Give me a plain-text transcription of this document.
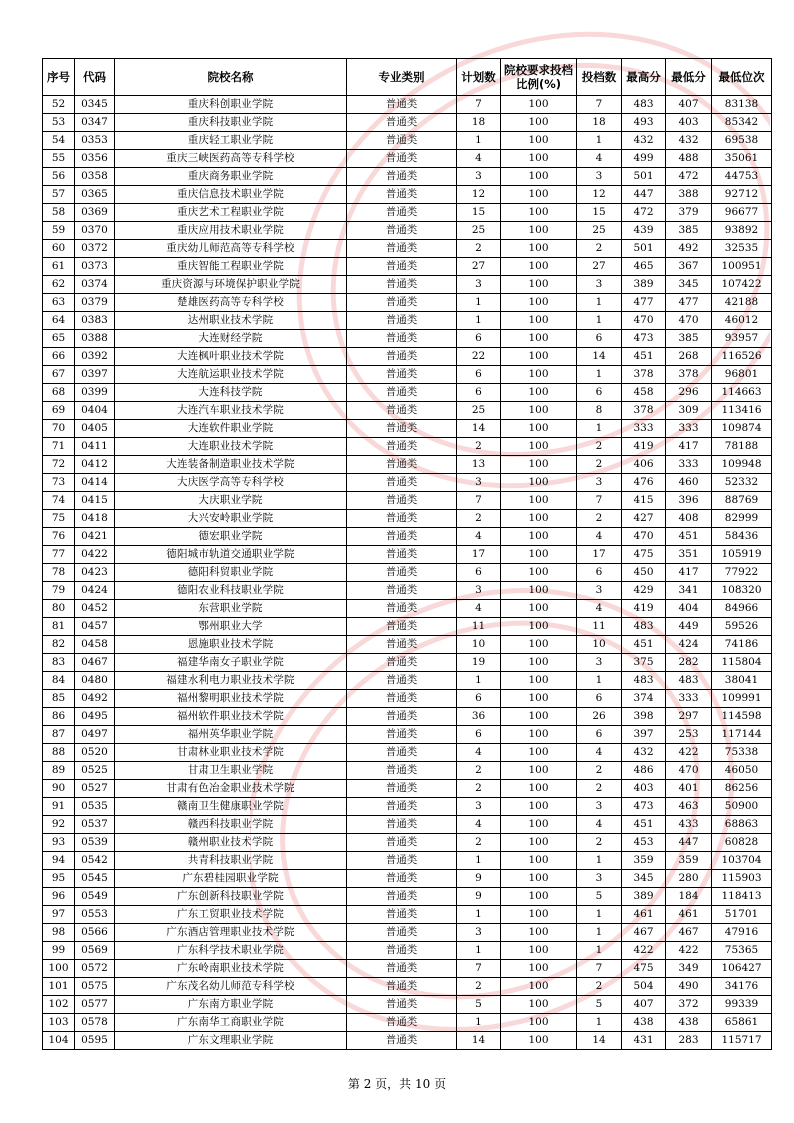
序号	代码	院校名称	专业类别	计划数	院校要求投档比例(%)	投档数	最高分	最低分	最低位次
52	0345	重庆科创职业学院	普通类	7	100	7	483	407	83138
53	0347	重庆科技职业学院	普通类	18	100	18	493	403	85342
54	0353	重庆轻工职业学院	普通类	1	100	1	432	432	69538
55	0356	重庆三峡医药高等专科学校	普通类	4	100	4	499	488	35061
56	0358	重庆商务职业学院	普通类	3	100	3	501	472	44753
57	0365	重庆信息技术职业学院	普通类	12	100	12	447	388	92712
58	0369	重庆艺术工程职业学院	普通类	15	100	15	472	379	96677
59	0370	重庆应用技术职业学院	普通类	25	100	25	439	385	93892
60	0372	重庆幼儿师范高等专科学校	普通类	2	100	2	501	492	32535
61	0373	重庆智能工程职业学院	普通类	27	100	27	465	367	100951
62	0374	重庆资源与环境保护职业学院	普通类	3	100	3	389	345	107422
63	0379	楚雄医药高等专科学校	普通类	1	100	1	477	477	42188
64	0383	达州职业技术学院	普通类	1	100	1	470	470	46012
65	0388	大连财经学院	普通类	6	100	6	473	385	93957
66	0392	大连枫叶职业技术学院	普通类	22	100	14	451	268	116526
67	0397	大连航运职业技术学院	普通类	6	100	1	378	378	96801
68	0399	大连科技学院	普通类	6	100	6	458	296	114663
69	0404	大连汽车职业技术学院	普通类	25	100	8	378	309	113416
70	0405	大连软件职业学院	普通类	14	100	1	333	333	109874
71	0411	大连职业技术学院	普通类	2	100	2	419	417	78188
72	0412	大连装备制造职业技术学院	普通类	13	100	2	406	333	109948
73	0414	大庆医学高等专科学校	普通类	3	100	3	476	460	52332
74	0415	大庆职业学院	普通类	7	100	7	415	396	88769
75	0418	大兴安岭职业学院	普通类	2	100	2	427	408	82999
76	0421	德宏职业学院	普通类	4	100	4	470	451	58436
77	0422	德阳城市轨道交通职业学院	普通类	17	100	17	475	351	105919
78	0423	德阳科贸职业学院	普通类	6	100	6	450	417	77922
79	0424	德阳农业科技职业学院	普通类	3	100	3	429	341	108320
80	0452	东营职业学院	普通类	4	100	4	419	404	84966
81	0457	鄂州职业大学	普通类	11	100	11	483	449	59526
82	0458	恩施职业技术学院	普通类	10	100	10	451	424	74186
83	0467	福建华南女子职业学院	普通类	19	100	3	375	282	115804
84	0480	福建水利电力职业技术学院	普通类	1	100	1	483	483	38041
85	0492	福州黎明职业技术学院	普通类	6	100	6	374	333	109991
86	0495	福州软件职业技术学院	普通类	36	100	26	398	297	114598
87	0497	福州英华职业学院	普通类	6	100	6	397	253	117144
88	0520	甘肃林业职业技术学院	普通类	4	100	4	432	422	75338
89	0525	甘肃卫生职业学院	普通类	2	100	2	486	470	46050
90	0527	甘肃有色冶金职业技术学院	普通类	2	100	2	403	401	86256
91	0535	赣南卫生健康职业学院	普通类	3	100	3	473	463	50900
92	0537	赣西科技职业学院	普通类	4	100	4	451	433	68863
93	0539	赣州职业技术学院	普通类	2	100	2	453	447	60828
94	0542	共青科技职业学院	普通类	1	100	1	359	359	103704
95	0545	广东碧桂园职业学院	普通类	9	100	3	345	280	115903
96	0549	广东创新科技职业学院	普通类	9	100	5	389	184	118413
97	0553	广东工贸职业技术学院	普通类	1	100	1	461	461	51701
98	0566	广东酒店管理职业技术学院	普通类	3	100	1	467	467	47916
99	0569	广东科学技术职业学院	普通类	1	100	1	422	422	75365
100	0572	广东岭南职业技术学院	普通类	7	100	7	475	349	106427
101	0575	广东茂名幼儿师范专科学校	普通类	2	100	2	504	490	34176
102	0577	广东南方职业学院	普通类	5	100	5	407	372	99339
103	0578	广东南华工商职业学院	普通类	1	100	1	438	438	65861
104	0595	广东文理职业学院	普通类	14	100	14	431	283	115717
第 2 页，共 10 页
